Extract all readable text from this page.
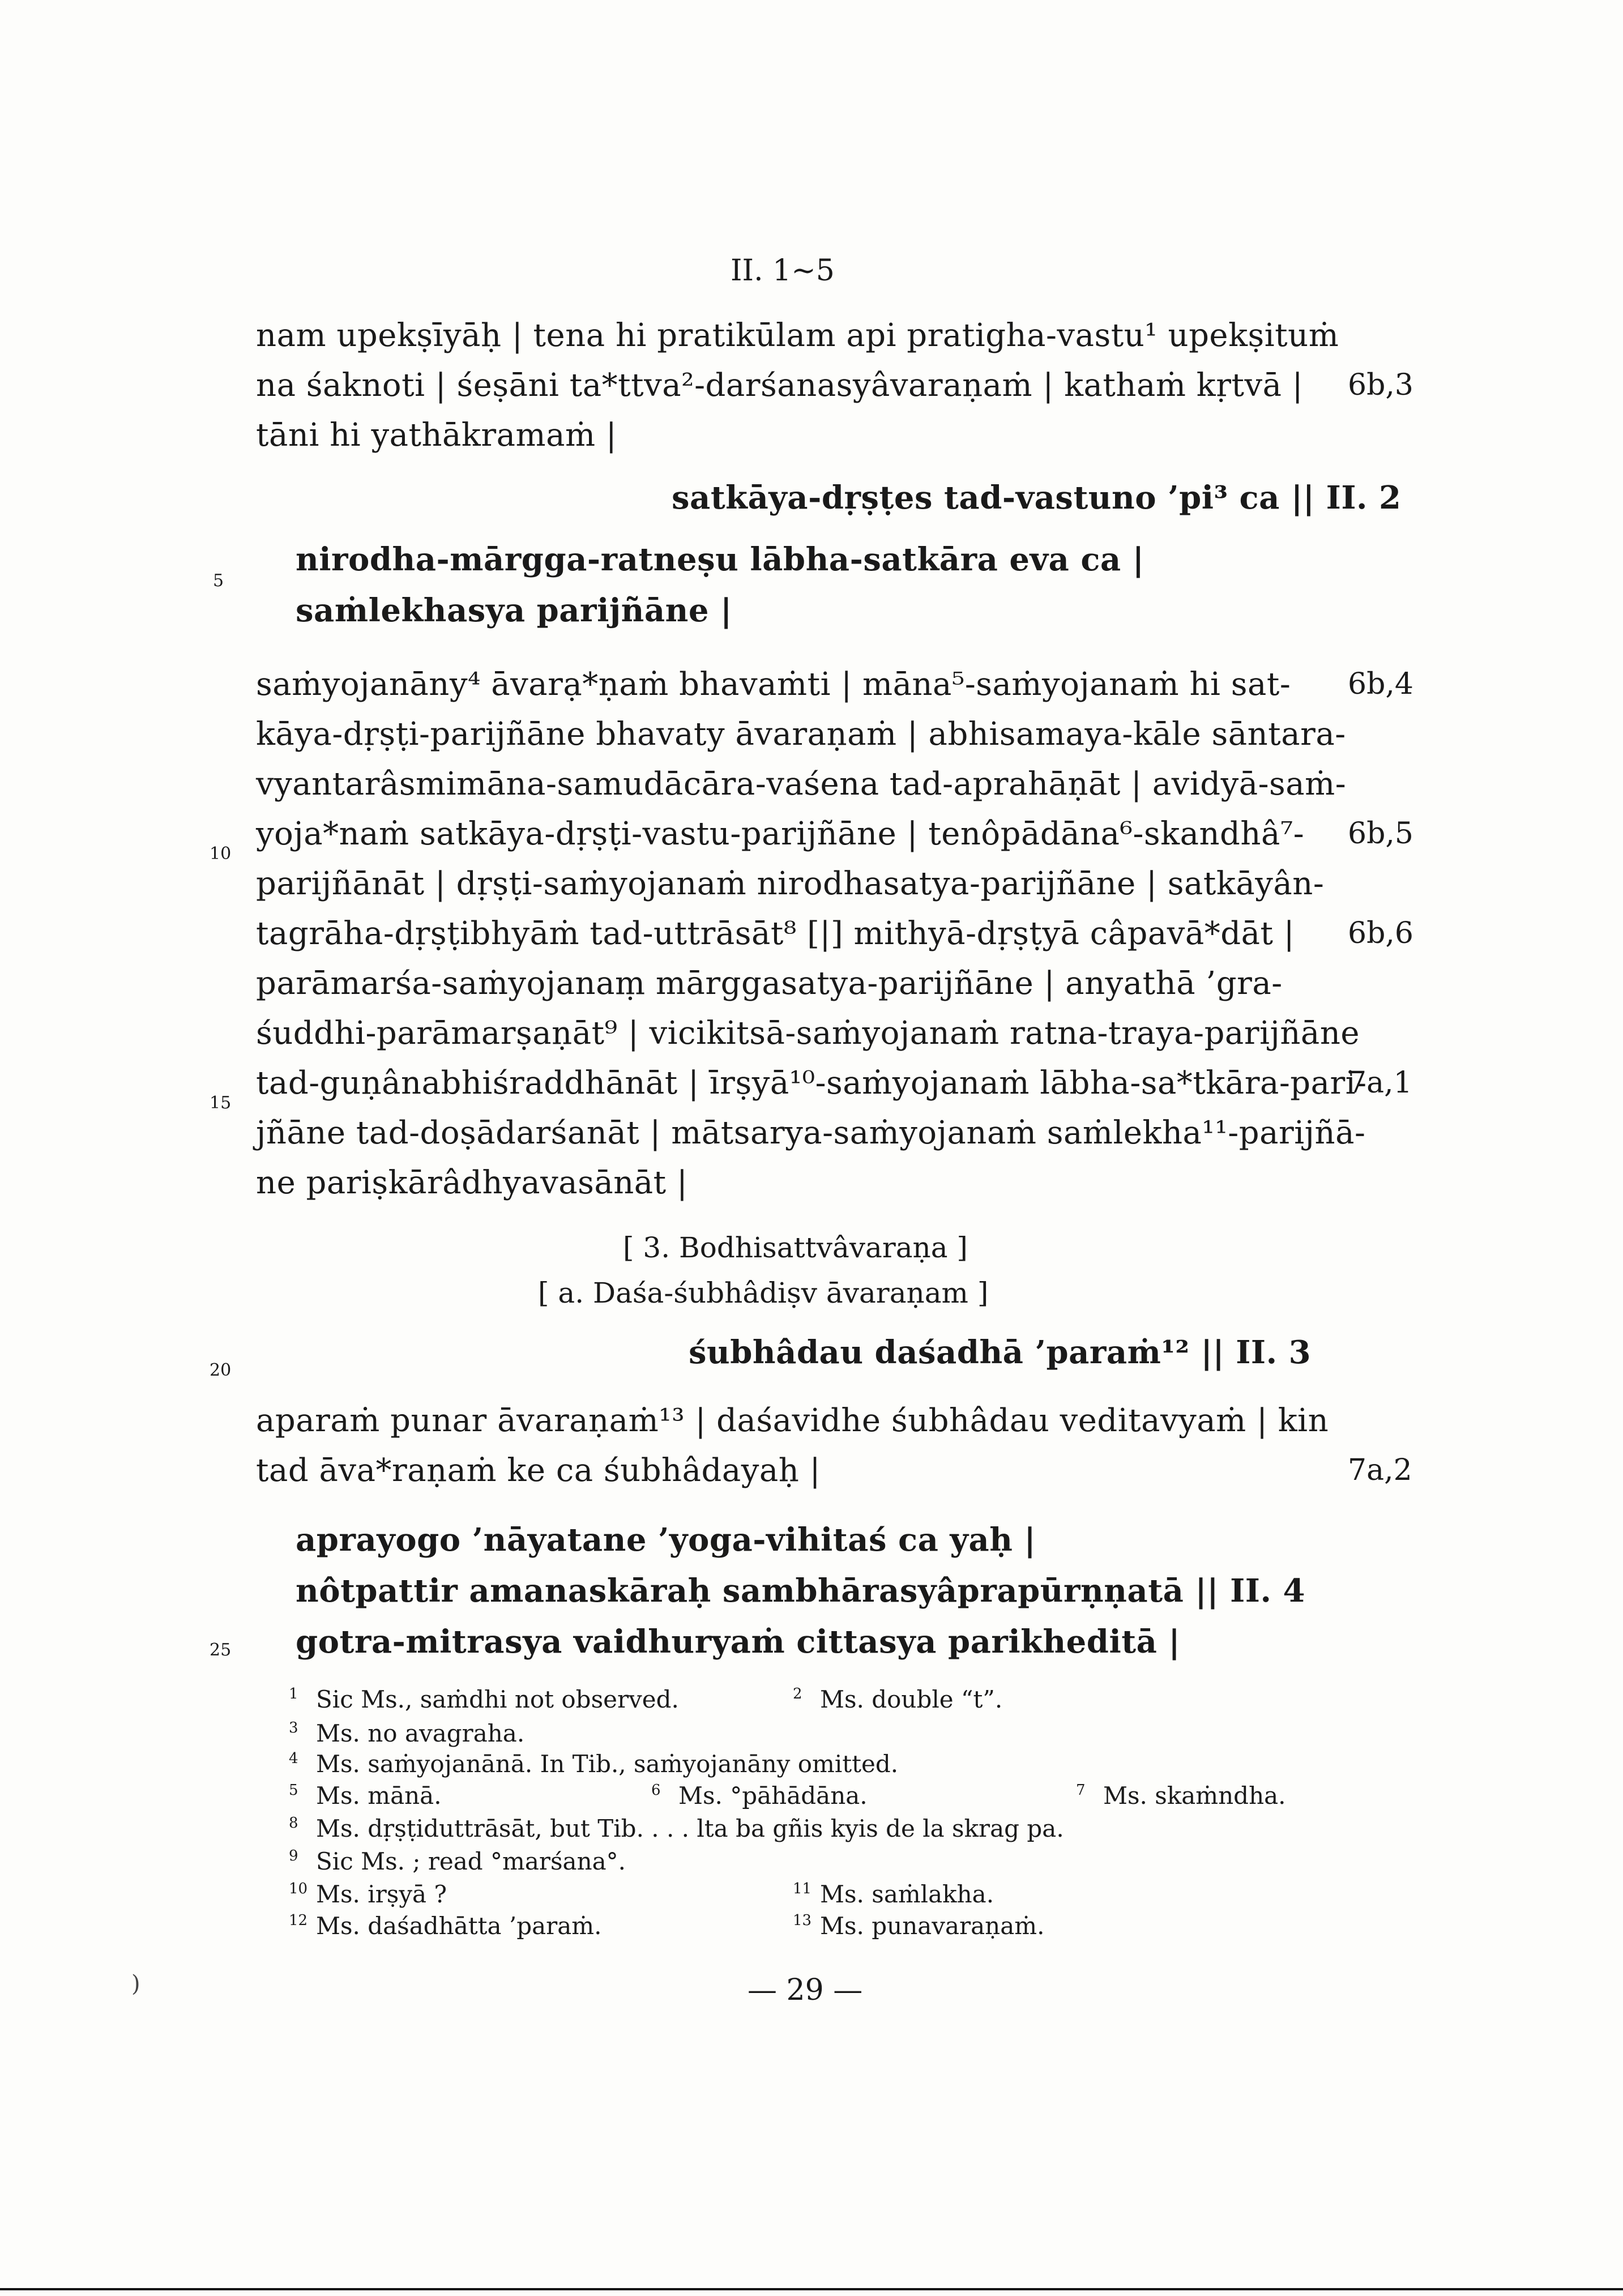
II. 1~5
nam upekṣīyāḥ | tena hi pratikūlam api pratigha-vastu¹ upekṣituṁ
na śaknoti | śeṣāni ta*ttva²-darśanasyâvaraṇaṁ | kathaṁ kṛtvā |
tāni hi yathākramaṁ |
satkāya-dṛṣṭes tad-vastuno ’pi³ ca || II. 2
nirodha-mārgga-ratneṣu lābha-satkāra eva ca |
saṁlekhasya parijñāne |
saṁyojanāny⁴ āvarạ*ṇaṁ bhavaṁti | māna⁵-saṁyojanaṁ hi sat-
kāya-dṛṣṭi-parijñāne bhavaty āvaraṇaṁ | abhisamaya-kāle sāntara-
vyantarâsmimāna-samudācāra-vaśena tad-aprahāṇāt | avidyā-saṁ-
yoja*naṁ satkāya-dṛṣṭi-vastu-parijñāne | tenôpādāna⁶-skandhâ⁷-
parijñānāt | dṛṣṭi-saṁyojanaṁ nirodhasatya-parijñāne | satkāyân-
tagrāha-dṛṣṭibhyāṁ tad-uttrāsāt⁸ [|] mithyā-dṛṣṭyā câpavā*dāt |
parāmarśa-saṁyojanaṃ mārggasatya-parijñāne | anyathā ’gra-
śuddhi-parāmarṣaṇāt⁹ | vicikitsā-saṁyojanaṁ ratna-traya-parijñāne
tad-guṇânabhiśraddhānāt | īrṣyā¹⁰-saṁyojanaṁ lābha-sa*tkāra-pari-
jñāne tad-doṣādarśanāt | mātsarya-saṁyojanaṁ saṁlekha¹¹-parijñā-
ne pariṣkārâdhyavasānāt |
[ 3. Bodhisattvâvaraṇa ]
[ a. Daśa-śubhâdiṣv āvaraṇam ]
śubhâdau daśadhā ’paraṁ¹² || II. 3
aparaṁ punar āvaraṇaṁ¹³ | daśavidhe śubhâdau veditavyaṁ | kin
tad āva*raṇaṁ ke ca śubhâdayaḥ |
aprayogo ’nāyatane ’yoga-vihitaś ca yaḥ |
nôtpattir amanaskāraḥ sambhārasyâprapūrṇṇatā || II. 4
gotra-mitrasya vaidhuryaṁ cittasya parikheditā |
6b,3
6b,4
6b,5
6b,6
7a,1
7a,2
5
10
15
20
25
1 Sic Ms., saṁdhi not observed.	2 Ms. double “t”.
3 Ms. no avagraha.
4 Ms. saṁyojanānā. In Tib., saṁyojanāny omitted.
5 Ms. mānā.	6 Ms. °pāhādāna.	7 Ms. skaṁndha.
8 Ms. dṛṣṭiduttrāsāt, but Tib. . . . lta ba gñis kyis de la skrag pa.
9 Sic Ms. ; read °marśana°.
10 Ms. irṣyā ?	11 Ms. saṁlakha.
12 Ms. daśadhātta ’paraṁ.	13 Ms. punavaraṇaṁ.
— 29 —
)
